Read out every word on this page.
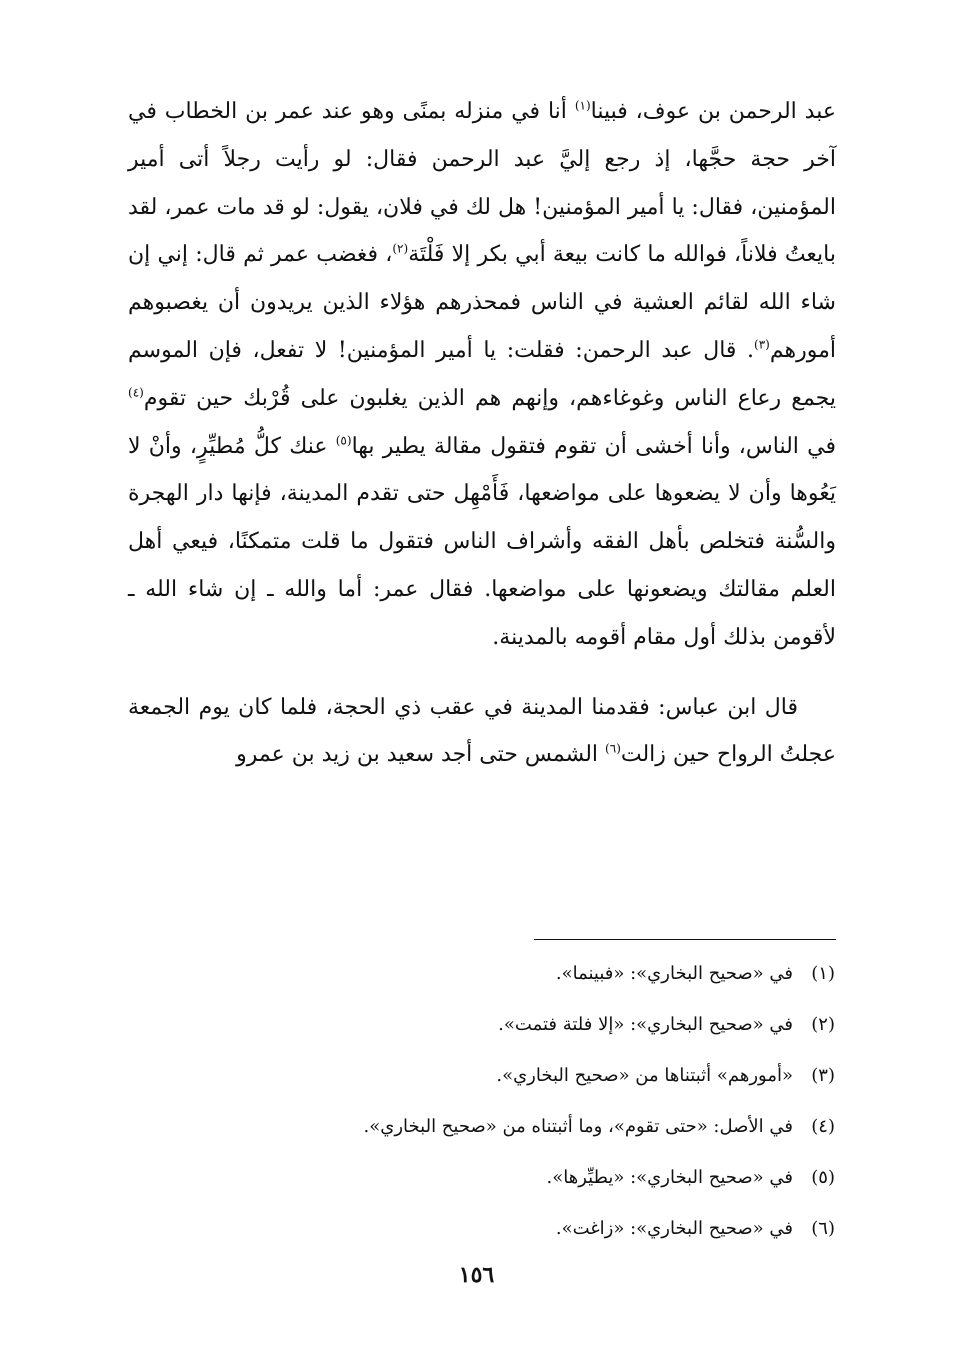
عبد الرحمن بن عوف، فبينا$^{(١)}$ أنا في منزله بمنًى وهو عند عمر بن الخطاب في آخر حجة حجَّها، إذ رجع إليَّ عبد الرحمن فقال: لو رأيت رجلاً أتى أمير المؤمنين، فقال: يا أمير المؤمنين! هل لك في فلان، يقول: لو قد مات عمر، لقد بايعتُ فلاناً، فوالله ما كانت بيعة أبي بكر إلا فَلْتَة$^{(٢)}$، فغضب عمر ثم قال: إني إن شاء الله لقائم العشية في الناس فمحذرهم هؤلاء الذين يريدون أن يغصبوهم أمورهم$^{(٣)}$. قال عبد الرحمن: فقلت: يا أمير المؤمنين! لا تفعل، فإن الموسم يجمع رعاع الناس وغوغاءهم، وإنهم هم الذين يغلبون على قُرْبك حين تقوم$^{(٤)}$ في الناس، وأنا أخشى أن تقوم فتقول مقالة يطير بها$^{(٥)}$ عنك كلُّ مُطيِّرٍ، وأنْ لا يَعُوها وأن لا يضعوها على مواضعها، فَأَمْهِل حتى تقدم المدينة، فإنها دار الهجرة والسُّنة فتخلص بأهل الفقه وأشراف الناس فتقول ما قلت متمكنًا، فيعي أهل العلم مقالتك ويضعونها على مواضعها. فقال عمر: أما والله ـ إن شاء الله ـ لأقومن بذلك أول مقام أقومه بالمدينة.

قال ابن عباس: فقدمنا المدينة في عقب ذي الحجة، فلما كان يوم الجمعة عجلتُ الرواح حين زالت$^{(٦)}$ الشمس حتى أجد سعيد بن زيد بن عمرو

(١)
في «صحيح البخاري»: «فبينما».
(٢)
في «صحيح البخاري»: «إلا فلتة فتمت».
(٣)
«أمورهم» أثبتناها من «صحيح البخاري».
(٤)
في الأصل: «حتى تقوم»، وما أثبتناه من «صحيح البخاري».
(٥)
في «صحيح البخاري»: «يطيِّرها».
(٦)
في «صحيح البخاري»: «زاغت».
١٥٦
